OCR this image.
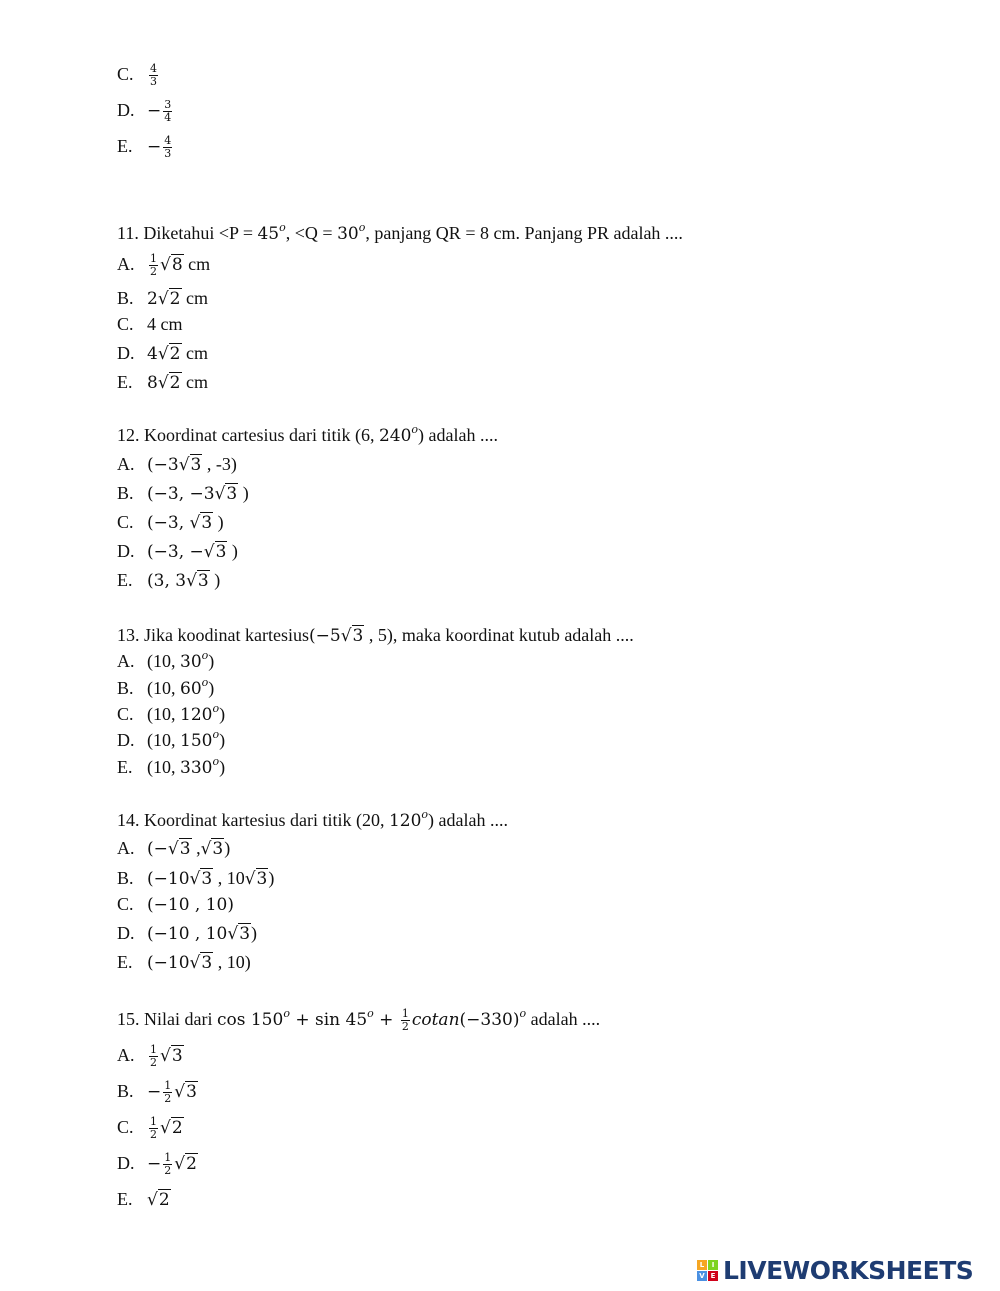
C. $\frac{4}{3}$
D. − $\frac{3}{4}$
E. − $\frac{4}{3}$
11. Diketahui $<P = 45^o$, $<Q = 30^o$, panjang QR = 8 cm. Panjang PR adalah ....
A. $\frac{1}{2} √8$ cm
B. 2√2 cm
C. 4 cm
D. 4√2 cm
E. 8√2 cm
12. Koordinat cartesius dari titik (6, 240$^o$) adalah ....
A. (−3√3 , -3)
B. (−3, −3√3 )
C. (−3, √3 )
D. (−3, −√3 )
E. (3, 3√3 )
13. Jika koodinat kartesius(−5√3 , 5), maka koordinat kutub adalah ....
A. (10, 30$^o$)
B. (10, 60$^o$)
C. (10, 120$^o$)
D. (10, 150$^o$)
E. (10, 330$^o$)
14. Koordinat kartesius dari titik (20, 120$^o$) adalah ....
A. (−√3 ,√3)
B. (−10√3 , 10√3)
C. (−10 , 10)
D. (−10 , 10√3)
E. (−10√3 , 10)
15. Nilai dari $\cos 150^o + \sin 45^o + \frac{1}{2} cotan(-330)^o$ adalah ....
A. $\frac{1}{2} √3$
B. − $\frac{1}{2} √3$
C. $\frac{1}{2} √2$
D. − $\frac{1}{2} √2$
E. √2
L	I
V E LIVEWORKSHEETS
